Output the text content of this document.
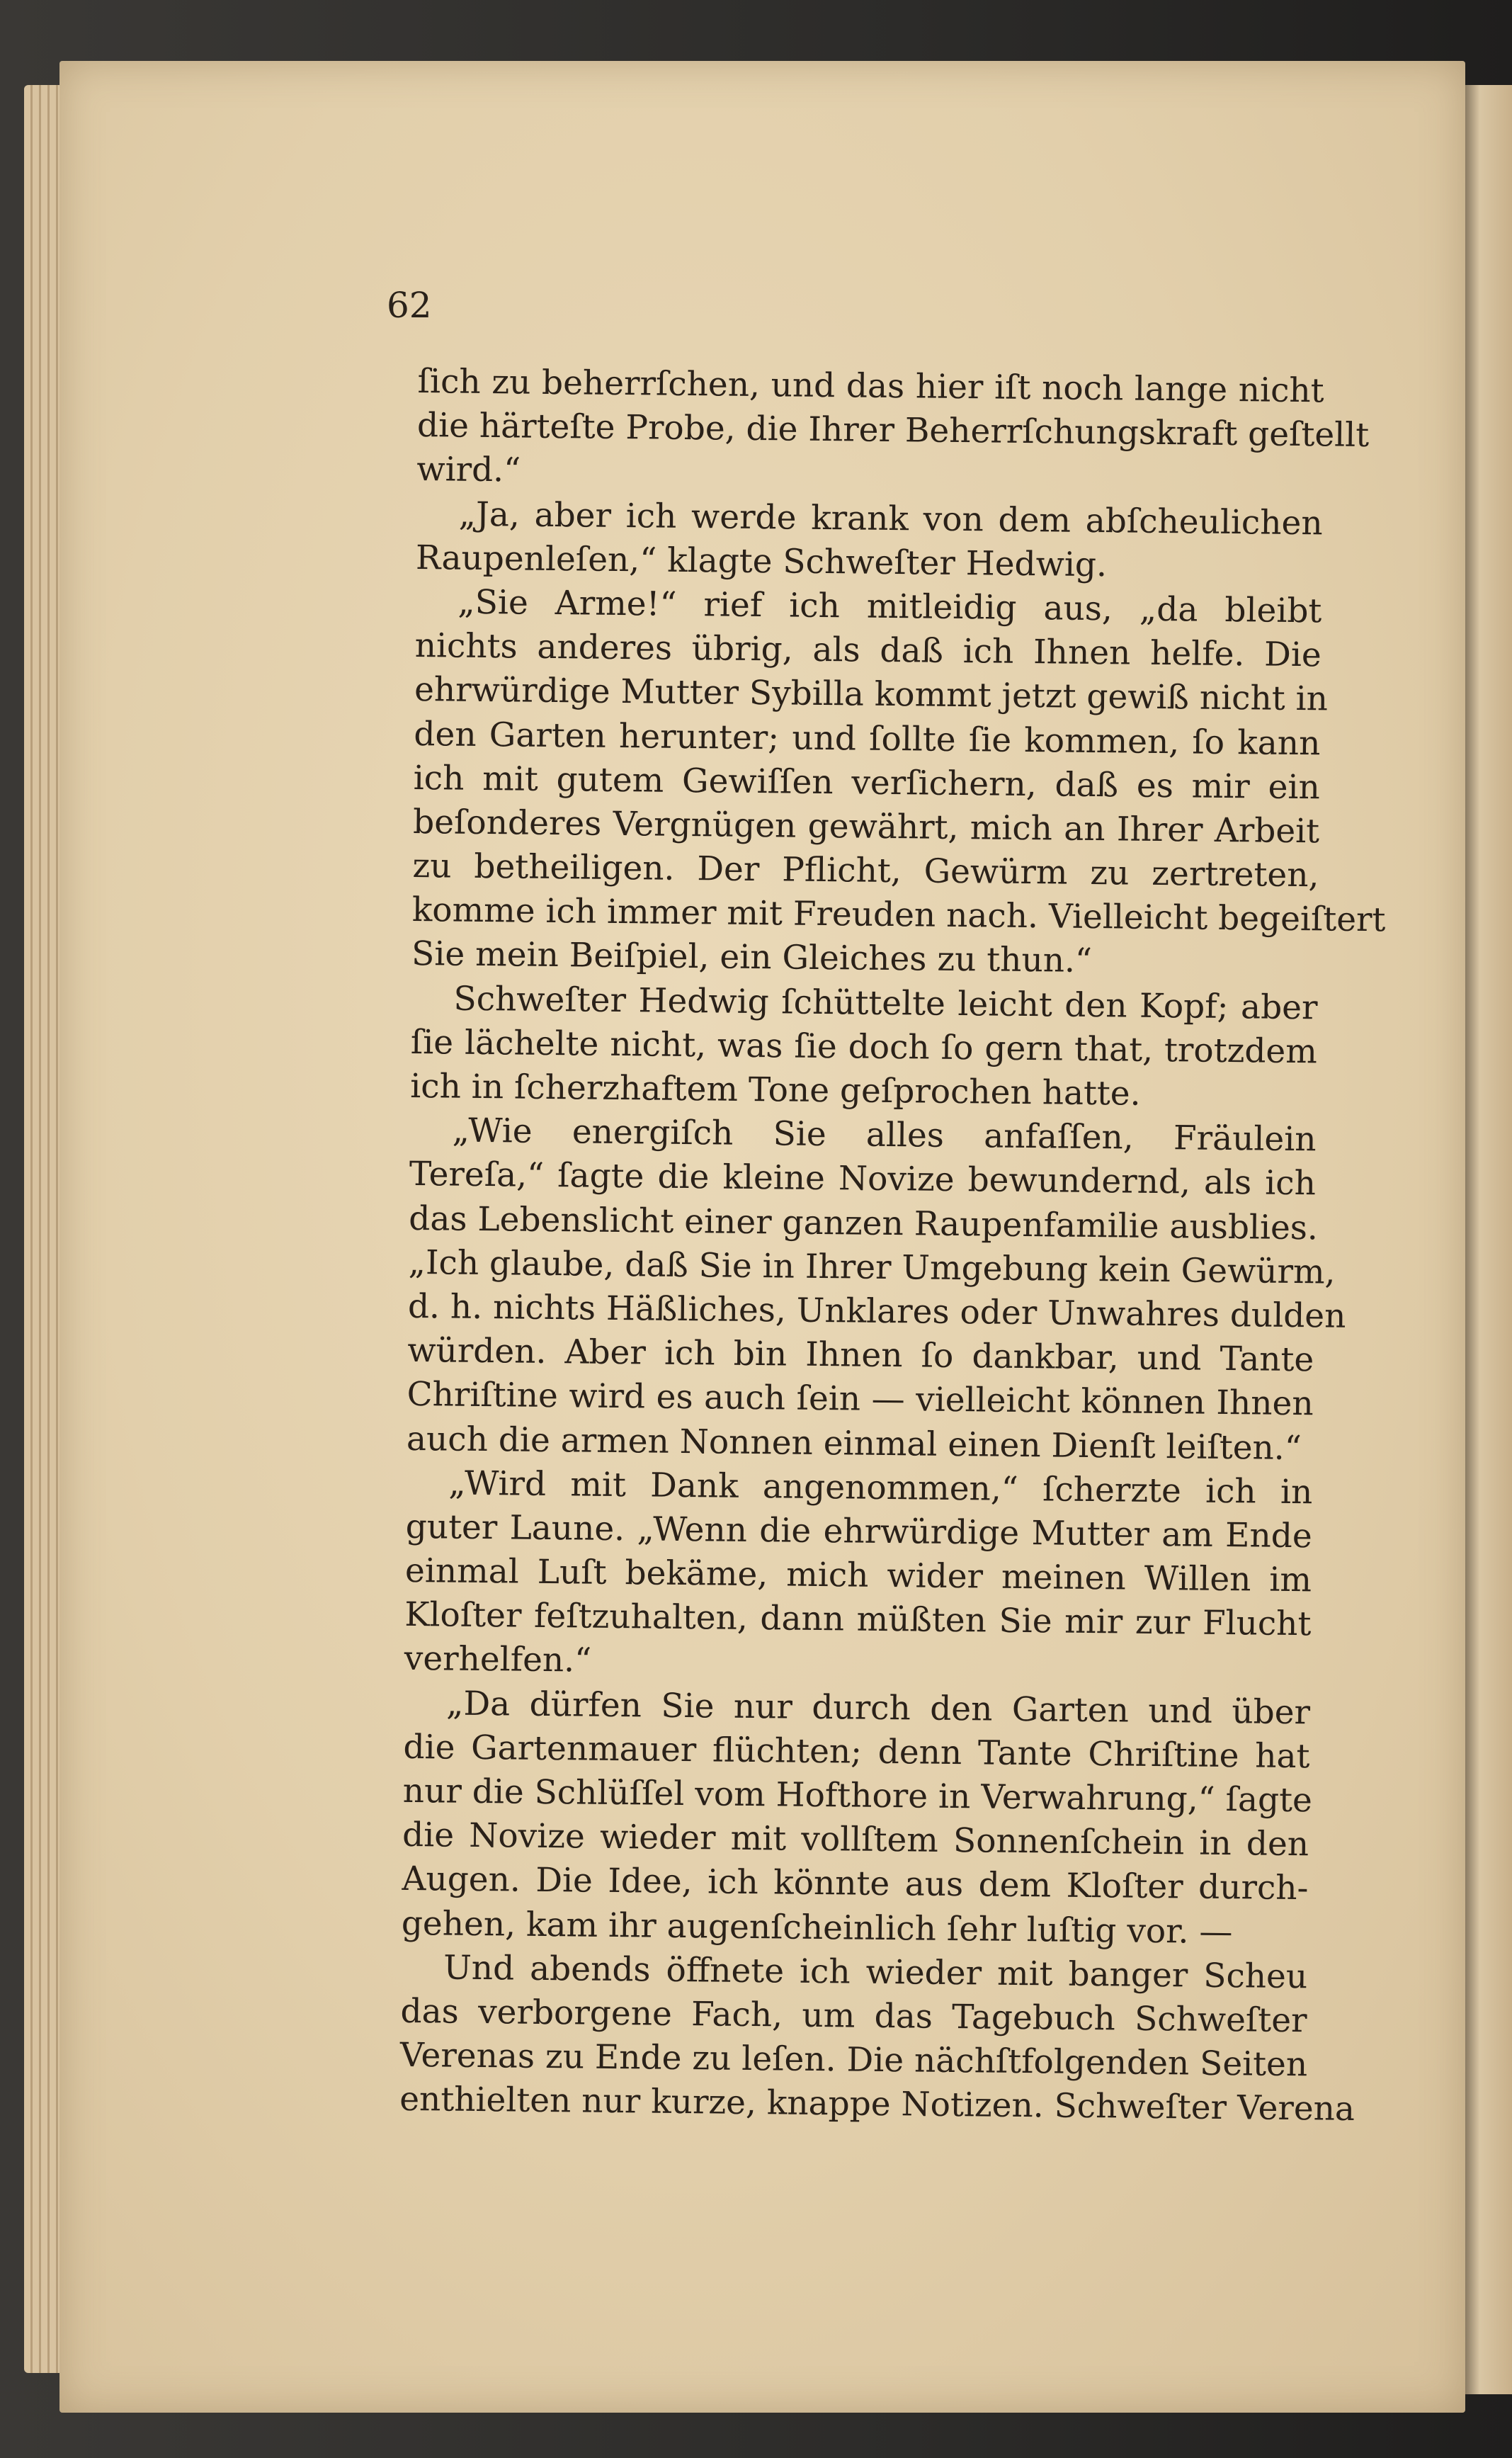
62
ſich zu beherrſchen, und das hier iſt noch lange nicht
die härteſte Probe, die Ihrer Beherrſchungskraft geſtellt
wird.“
„Ja, aber ich werde krank von dem abſcheulichen
Raupenleſen,“ klagte Schweſter Hedwig.
„Sie Arme!“ rief ich mitleidig aus, „da bleibt
nichts anderes übrig, als daß ich Ihnen helfe. Die
ehrwürdige Mutter Sybilla kommt jetzt gewiß nicht in
den Garten herunter; und ſollte ſie kommen, ſo kann
ich mit gutem Gewiſſen verſichern, daß es mir ein
beſonderes Vergnügen gewährt, mich an Ihrer Arbeit
zu betheiligen. Der Pflicht, Gewürm zu zertreten,
komme ich immer mit Freuden nach. Vielleicht begeiſtert
Sie mein Beiſpiel, ein Gleiches zu thun.“
Schweſter Hedwig ſchüttelte leicht den Kopf; aber
ſie lächelte nicht, was ſie doch ſo gern that, trotzdem
ich in ſcherzhaftem Tone geſprochen hatte.
„Wie energiſch Sie alles anfaſſen, Fräulein
Tereſa,“ ſagte die kleine Novize bewundernd, als ich
das Lebenslicht einer ganzen Raupenfamilie ausblies.
„Ich glaube, daß Sie in Ihrer Umgebung kein Gewürm,
d. h. nichts Häßliches, Unklares oder Unwahres dulden
würden. Aber ich bin Ihnen ſo dankbar, und Tante
Chriſtine wird es auch ſein — vielleicht können Ihnen
auch die armen Nonnen einmal einen Dienſt leiſten.“
„Wird mit Dank angenommen,“ ſcherzte ich in
guter Laune. „Wenn die ehrwürdige Mutter am Ende
einmal Luſt bekäme, mich wider meinen Willen im
Kloſter feſtzuhalten, dann müßten Sie mir zur Flucht
verhelfen.“
„Da dürfen Sie nur durch den Garten und über
die Gartenmauer flüchten; denn Tante Chriſtine hat
nur die Schlüſſel vom Hofthore in Verwahrung,“ ſagte
die Novize wieder mit vollſtem Sonnenſchein in den
Augen. Die Idee, ich könnte aus dem Kloſter durch-
gehen, kam ihr augenſcheinlich ſehr luſtig vor. —
Und abends öffnete ich wieder mit banger Scheu
das verborgene Fach, um das Tagebuch Schweſter
Verenas zu Ende zu leſen. Die nächſtfolgenden Seiten
enthielten nur kurze, knappe Notizen. Schweſter Verena
